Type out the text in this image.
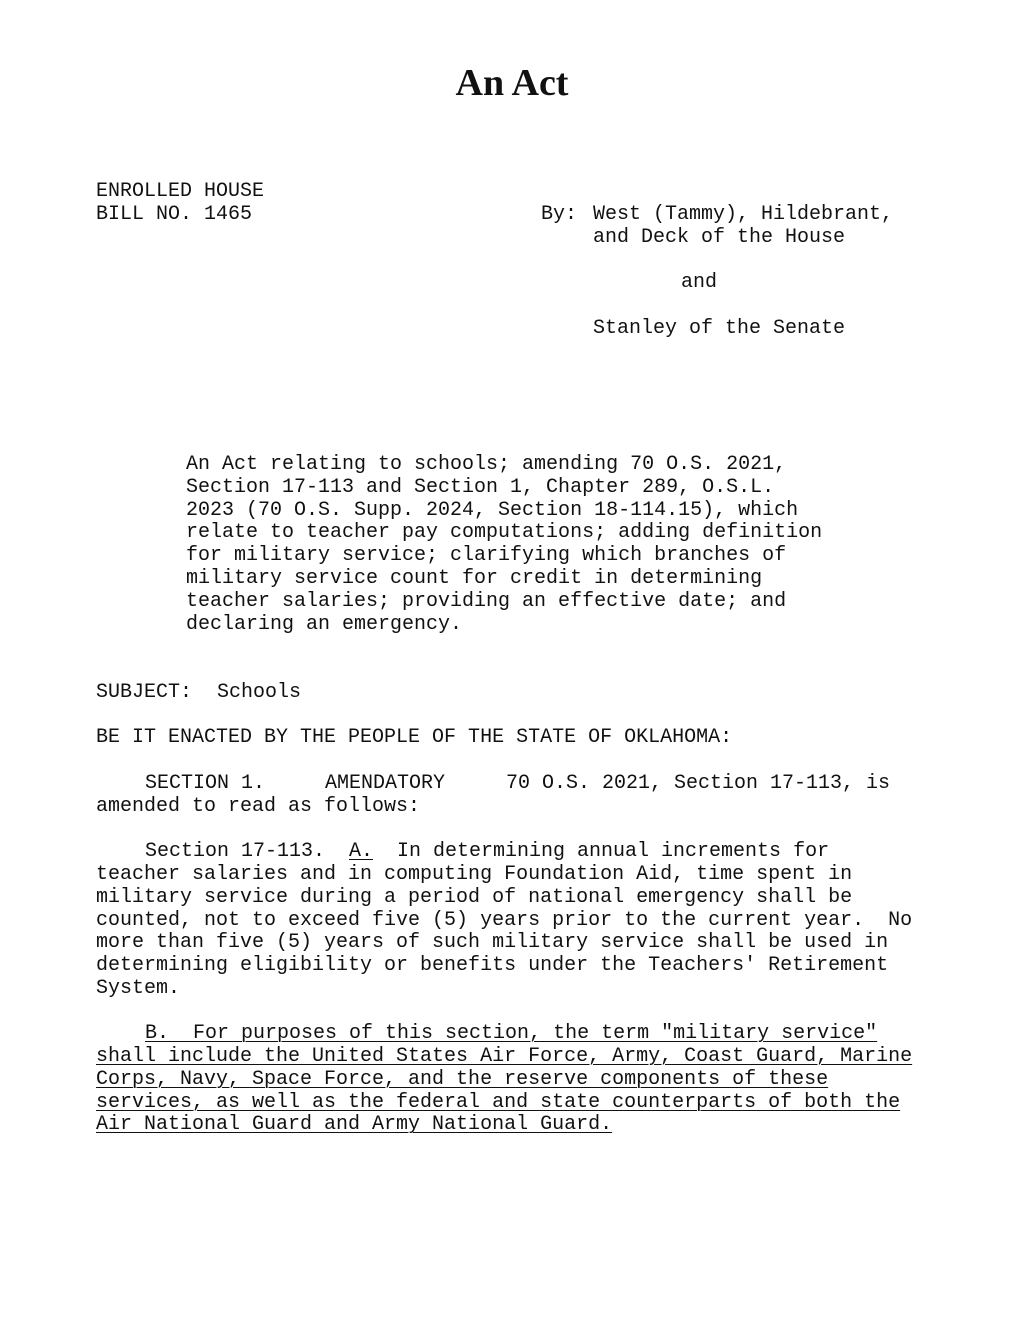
An Act
ENROLLED HOUSE
BILL NO. 1465	By: West (Tammy), Hildebrant,
and Deck of the House
and
Stanley of the Senate
An Act relating to schools; amending 70 O.S. 2021,
Section 17-113 and Section 1, Chapter 289, O.S.L.
2023 (70 O.S. Supp. 2024, Section 18-114.15), which
relate to teacher pay computations; adding definition
for military service; clarifying which branches of
military service count for credit in determining
teacher salaries; providing an effective date; and
declaring an emergency.
SUBJECT: Schools
BE IT ENACTED BY THE PEOPLE OF THE STATE OF OKLAHOMA:
SECTION 1.	AMENDATORY	70 O.S. 2021, Section 17-113, is
amended to read as follows:
Section 17-113. A. In determining annual increments for
teacher salaries and in computing Foundation Aid, time spent in
military service during a period of national emergency shall be
counted, not to exceed five (5) years prior to the current year.  No
more than five (5) years of such military service shall be used in
determining eligibility or benefits under the Teachers' Retirement
System.
B.  For purposes of this section, the term "military service"
shall include the United States Air Force, Army, Coast Guard, Marine
Corps, Navy, Space Force, and the reserve components of these
services, as well as the federal and state counterparts of both the
Air National Guard and Army National Guard.
